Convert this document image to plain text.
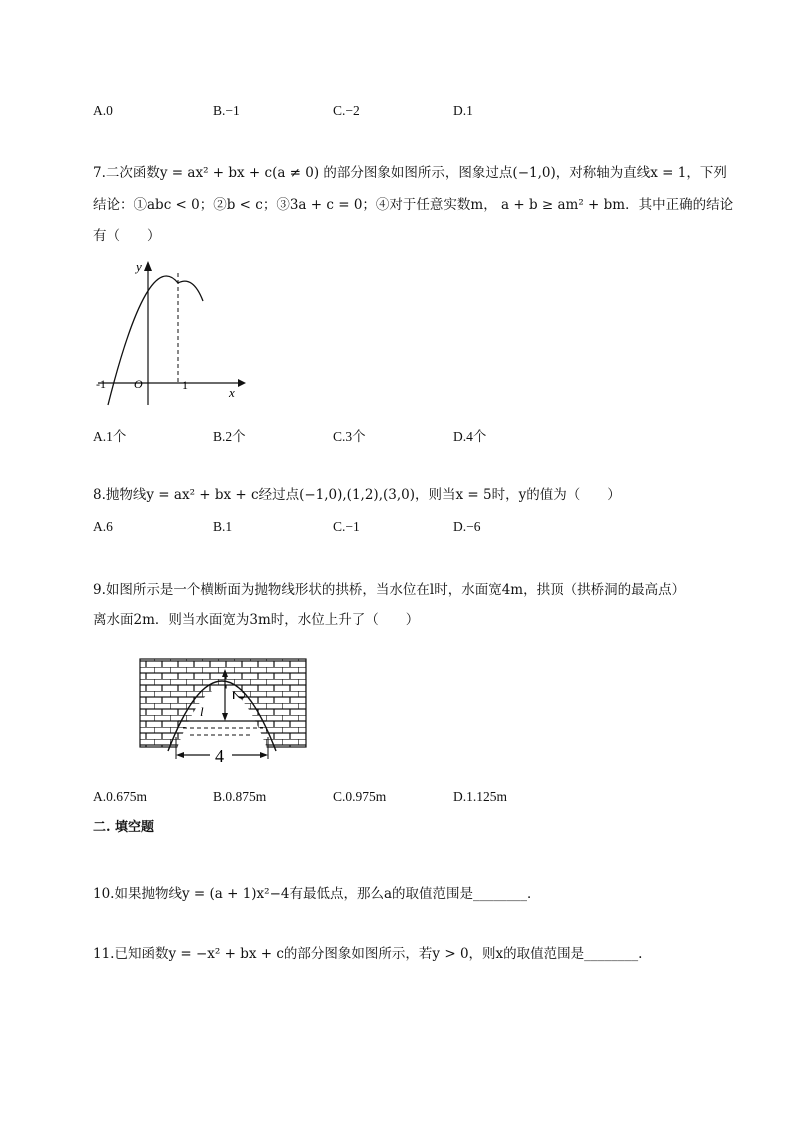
A.0	B.−1	C.−2	D.1
7.二次函数y = ax² + bx + c(a ≠ 0) 的部分图象如图所示，图象过点(−1,0)，对称轴为直线x = 1，下列
结论：①abc < 0；②b < c；③3a + c = 0；④对于任意实数m， a + b ≥ am² + bm．其中正确的结论
有（　　）
y
x
-1 O	1
A.1个	B.2个	C.3个	D.4个
8.抛物线y = ax² + bx + c经过点(−1,0),(1,2),(3,0)，则当x = 5时，y的值为（　　）
A.6	B.1	C.−1	D.−6
9.如图所示是一个横断面为抛物线形状的拱桥，当水位在l时，水面宽4m，拱顶（拱桥洞的最高点）
离水面2m．则当水面宽为3m时，水位上升了（　　）
2
l
4
A.0.675m	B.0.875m	C.0.975m	D.1.125m
二. 填空题
10.如果抛物线y = (a + 1)x²−4有最低点，那么a的取值范围是________．
11.已知函数y = −x² + bx + c的部分图象如图所示，若y > 0，则x的取值范围是________.
